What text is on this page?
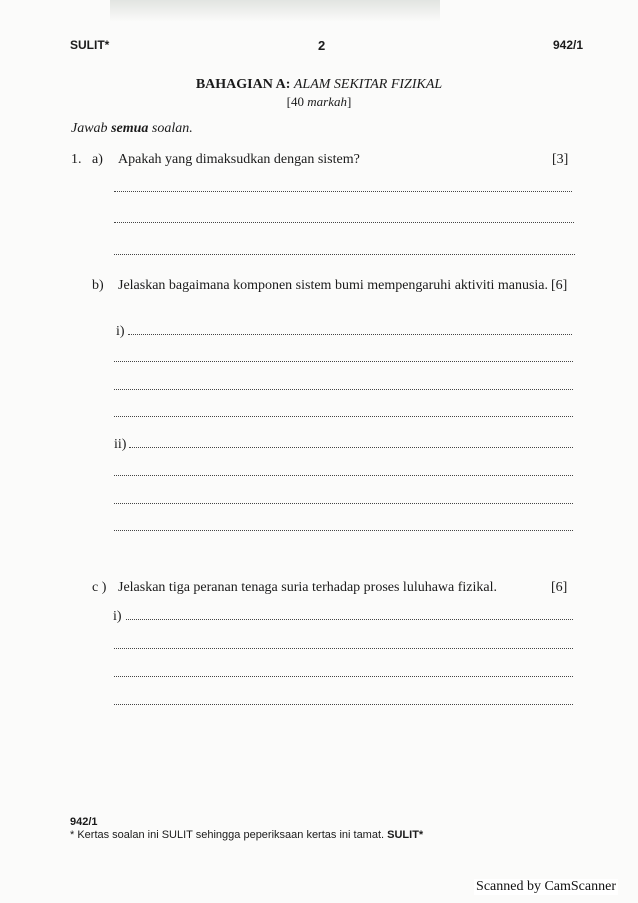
SULIT*	2	942/1
BAHAGIAN A: ALAM SEKITAR FIZIKAL
[40 markah]
Jawab semua soalan.
1. a) Apakah yang dimaksudkan dengan sistem?	[3]
b) Jelaskan bagaimana komponen sistem bumi mempengaruhi aktiviti manusia. [6]
i)
ii)
c ) Jelaskan tiga peranan tenaga suria terhadap proses luluhawa fizikal.	[6]
i)
942/1
* Kertas soalan ini SULIT sehingga peperiksaan kertas ini tamat. SULIT*
Scanned by CamScanner
